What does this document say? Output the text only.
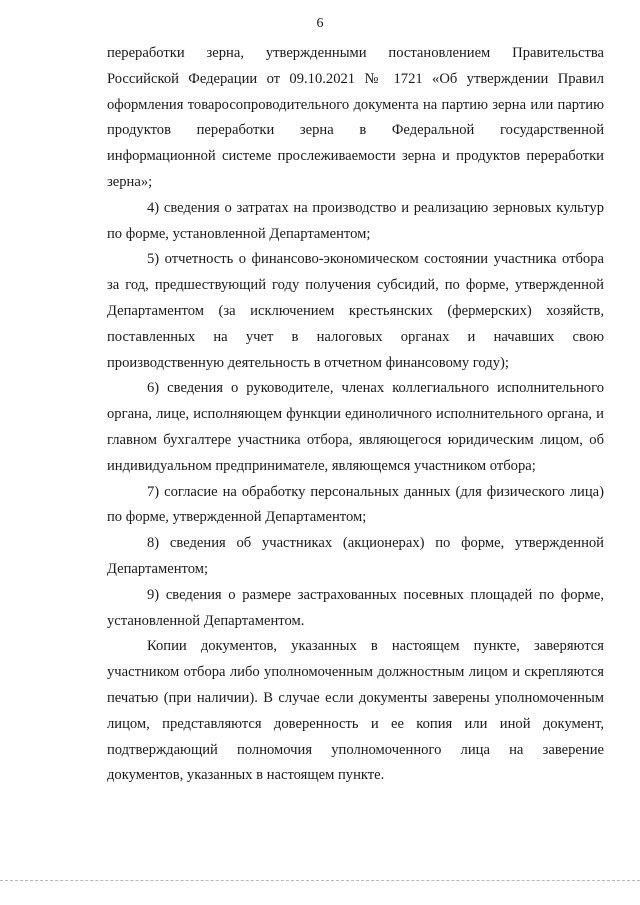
6

переработки зерна, утвержденными постановлением Правительства Российской Федерации от 09.10.2021 № 1721 «Об утверждении Правил оформления товаросопроводительного документа на партию зерна или партию продуктов переработки зерна в Федеральной государственной информационной системе прослеживаемости зерна и продуктов переработки зерна»;

4) сведения о затратах на производство и реализацию зерновых культур по форме, установленной Департаментом;

5) отчетность о финансово-экономическом состоянии участника отбора за год, предшествующий году получения субсидий, по форме, утвержденной Департаментом (за исключением крестьянских (фермерских) хозяйств, поставленных на учет в налоговых органах и начавших свою производственную деятельность в отчетном финансовому году);

6) сведения о руководителе, членах коллегиального исполнительного органа, лице, исполняющем функции единоличного исполнительного органа, и главном бухгалтере участника отбора, являющегося юридическим лицом, об индивидуальном предпринимателе, являющемся участником отбора;

7) согласие на обработку персональных данных (для физического лица) по форме, утвержденной Департаментом;

8) сведения об участниках (акционерах) по форме, утвержденной Департаментом;

9) сведения о размере застрахованных посевных площадей по форме, установленной Департаментом.

Копии документов, указанных в настоящем пункте, заверяются участником отбора либо уполномоченным должностным лицом и скрепляются печатью (при наличии). В случае если документы заверены уполномоченным лицом, представляются доверенность и ее копия или иной документ, подтверждающий полномочия уполномоченного лица на заверение документов, указанных в настоящем пункте.
